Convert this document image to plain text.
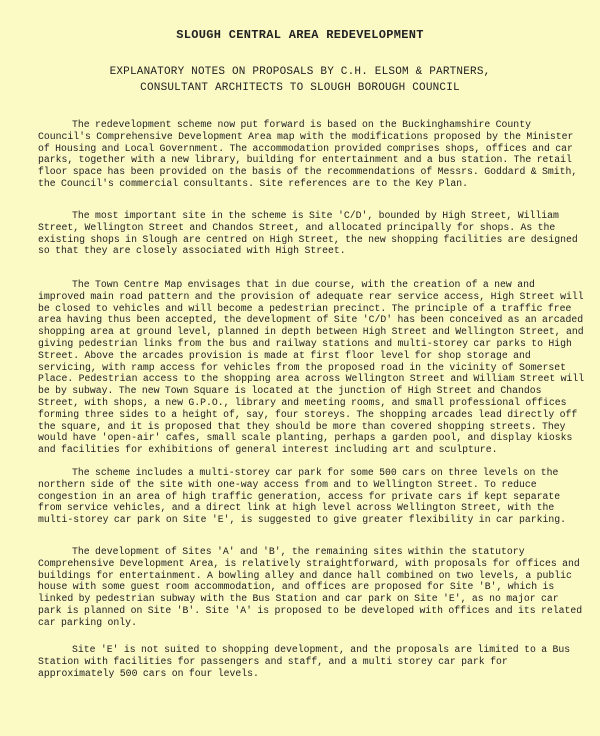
SLOUGH CENTRAL AREA REDEVELOPMENT
EXPLANATORY NOTES ON PROPOSALS BY C.H. ELSOM & PARTNERS,
CONSULTANT ARCHITECTS TO SLOUGH BOROUGH COUNCIL

The redevelopment scheme now put forward is based on the Buckinghamshire County Council's Comprehensive Development Area map with the modifications proposed by the Minister of Housing and Local Government. The accommodation provided comprises shops, offices and car parks, together with a new library, building for entertainment and a bus station. The retail floor space has been provided on the basis of the recommendations of Messrs. Goddard & Smith, the Council's commercial consultants. Site references are to the Key Plan.

The most important site in the scheme is Site 'C/D', bounded by High Street, William Street, Wellington Street and Chandos Street, and allocated principally for shops. As the existing shops in Slough are centred on High Street, the new shopping facilities are designed so that they are closely associated with High Street.

The Town Centre Map envisages that in due course, with the creation of a new and improved main road pattern and the provision of adequate rear service access, High Street will be closed to vehicles and will become a pedestrian precinct. The principle of a traffic free area having thus been accepted, the development of Site 'C/D' has been conceived as an arcaded shopping area at ground level, planned in depth between High Street and Wellington Street, and giving pedestrian links from the bus and railway stations and multi-storey car parks to High Street. Above the arcades provision is made at first floor level for shop storage and servicing, with ramp access for vehicles from the proposed road in the vicinity of Somerset Place. Pedestrian access to the shopping area across Wellington Street and William Street will be by subway. The new Town Square is located at the junction of High Street and Chandos Street, with shops, a new G.P.O., library and meeting rooms, and small professional offices forming three sides to a height of, say, four storeys. The shopping arcades lead directly off the square, and it is proposed that they should be more than covered shopping streets. They would have 'open-air' cafes, small scale planting, perhaps a garden pool, and display kiosks and facilities for exhibitions of general interest including art and sculpture.

The scheme includes a multi-storey car park for some 500 cars on three levels on the northern side of the site with one-way access from and to Wellington Street. To reduce congestion in an area of high traffic generation, access for private cars if kept separate from service vehicles, and a direct link at high level across Wellington Street, with the multi-storey car park on Site 'E', is suggested to give greater flexibility in car parking.

The development of Sites 'A' and 'B', the remaining sites within the statutory Comprehensive Development Area, is relatively straightforward, with proposals for offices and buildings for entertainment. A bowling alley and dance hall combined on two levels, a public house with some guest room accommodation, and offices are proposed for Site 'B', which is linked by pedestrian subway with the Bus Station and car park on Site 'E', as no major car park is planned on Site 'B'. Site 'A' is proposed to be developed with offices and its related car parking only.

Site 'E' is not suited to shopping development, and the proposals are limited to a Bus Station with facilities for passengers and staff, and a multi storey car park for approximately 500 cars on four levels.
